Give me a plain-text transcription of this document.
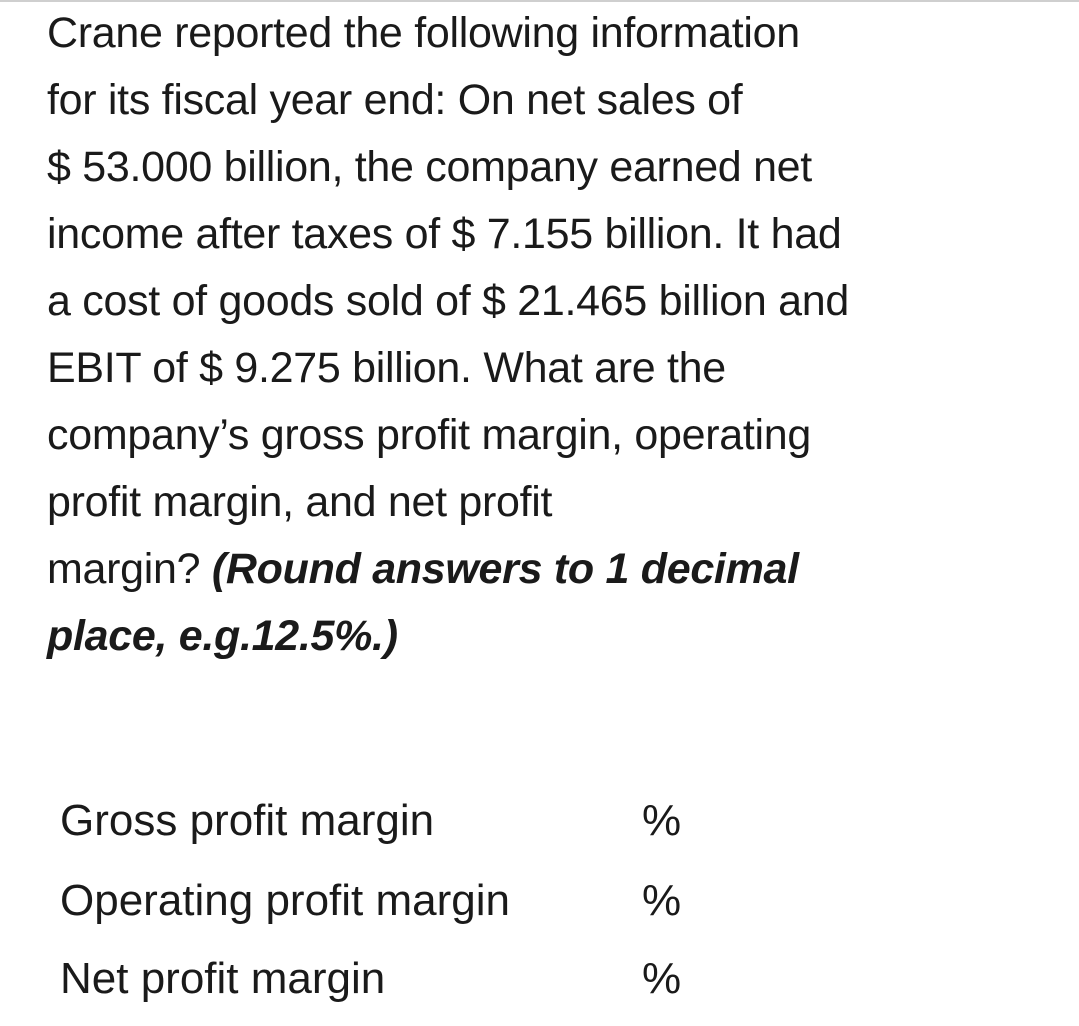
Crane reported the following information
for its fiscal year end: On net sales of
$ 53.000 billion, the company earned net
income after taxes of $ 7.155 billion. It had
a cost of goods sold of $ 21.465 billion and
EBIT of $ 9.275 billion. What are the
company’s gross profit margin, operating
profit margin, and net profit
margin? (Round answers to 1 decimal
place, e.g.12.5%.)
Gross profit margin	%
Operating profit margin	%
Net profit margin	%
